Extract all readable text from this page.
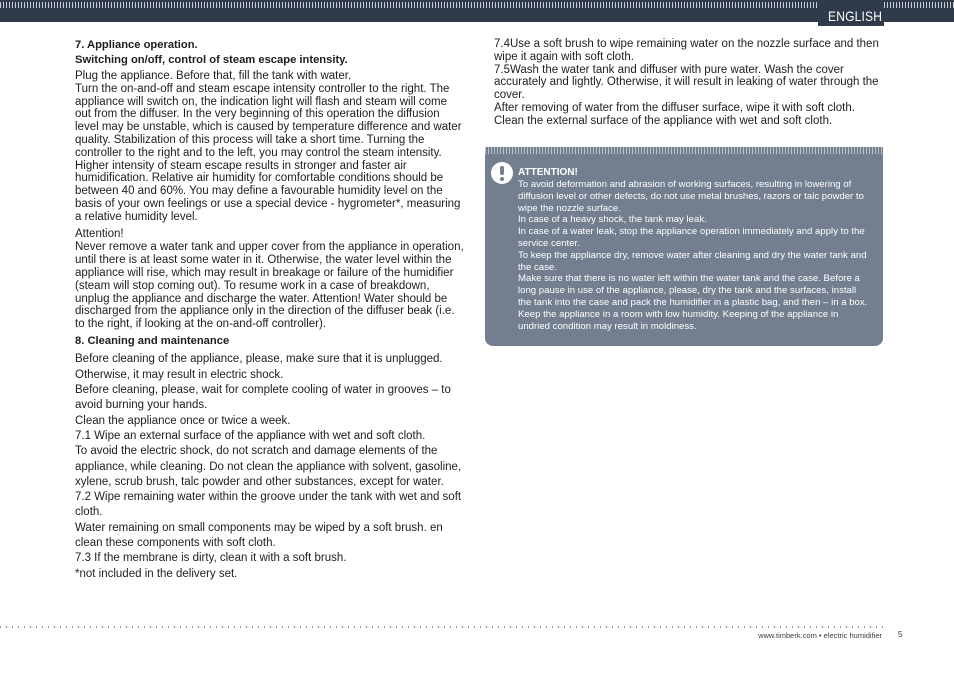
ENGLISH

7. Appliance operation.

Switching on/off, control of steam escape intensity.

Plug the appliance. Before that, fill the tank with water.
Turn the on-and-off and steam escape intensity controller to the right. The appliance will switch on, the indication light will flash and steam will come out from the diffuser. In the very beginning of this operation the diffusion level may be unstable, which is caused by temperature difference and water quality. Stabilization of this process will take a short time. Turning the controller to the right and to the left, you may control the steam intensity. Higher intensity of steam escape results in stronger and faster air humidification. Relative air humidity for comfortable conditions should be between 40 and 60%. You may define a favourable humidity level on the basis of your own feelings or use a special device - hygrometer*, measuring a relative humidity level.

Attention!

Never remove a water tank and upper cover from the appliance in operation, until there is at least some water in it. Otherwise, the water level within the appliance will rise, which may result in breakage or failure of the humidifier (steam will stop coming out). To resume work in a case of breakdown, unplug the appliance and discharge the water. Attention! Water should be discharged from the appliance only in the direction of the diffuser beak (i.e. to the right, if looking at the on-and-off controller).

8. Cleaning and maintenance

Before cleaning of the appliance, please, make sure that it is unplugged. Otherwise, it may result in electric shock.

Before cleaning, please, wait for complete cooling of water in grooves – to avoid burning your hands.

Clean the appliance once or twice a week.
7.1 Wipe an external surface of the appliance with wet and soft cloth.
To avoid the electric shock, do not scratch and damage elements of the appliance, while cleaning. Do not clean the appliance with solvent, gasoline, xylene, scrub brush, talc powder and other substances, except for water.

7.2 Wipe remaining water within the groove under the tank with wet and soft cloth.

Water remaining on small components may be wiped by a soft brush. en clean these components with soft cloth.

7.3 If the membrane is dirty, clean it with a soft brush.
*not included in the delivery set.

7.4Use a soft brush to wipe remaining water on the nozzle surface and then wipe it again with soft cloth.
7.5Wash the water tank and diffuser with pure water. Wash the cover accurately and lightly. Otherwise, it will result in leaking of water through the cover.
After removing of water from the diffuser surface, wipe it with soft cloth. Clean the external surface of the appliance with wet and soft cloth.

ATTENTION!
To avoid deformation and abrasion of working surfaces, resulting in lowering of diffusion level or other defects, do not use metal brushes, razors or talc powder to wipe the nozzle surface.
In case of a heavy shock, the tank may leak.
In case of a water leak, stop the appliance operation immediately and apply to the service center.
To keep the appliance dry, remove water after cleaning and dry the water tank and the case.
Make sure that there is no water left within the water tank and the case. Before a long pause in use of the appliance, please, dry the tank and the surfaces, install the tank into the case and pack the humidifier in a plastic bag, and then – in a box. Keep the appliance in a room with low humidity. Keeping of the appliance in undried condition may result in moldiness.
www.timberk.com • electric humidifier 5
